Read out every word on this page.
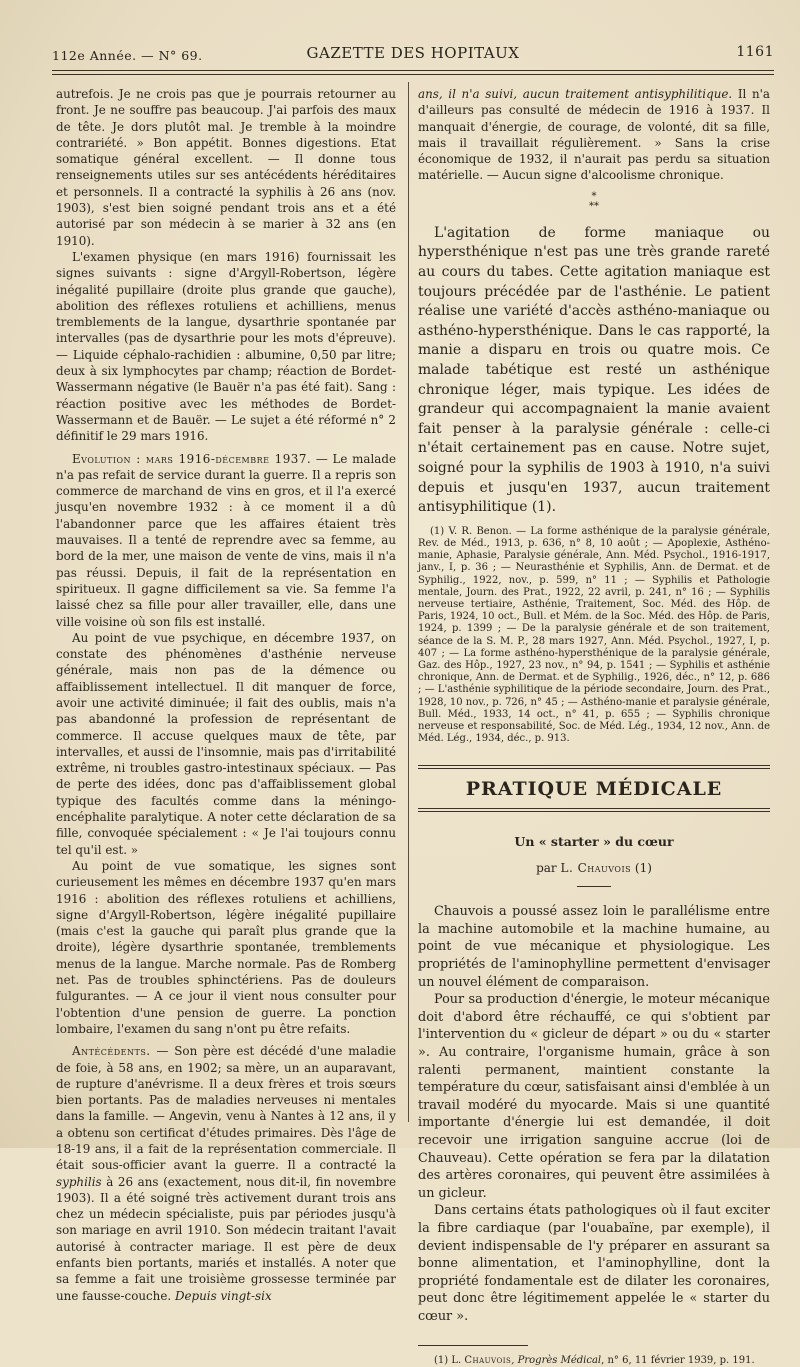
112e Année. — N° 69.	GAZETTE DES HOPITAUX	1161

autrefois. Je ne crois pas que je pourrais retourner au front. Je ne souffre pas beaucoup. J'ai parfois des maux de tête. Je dors plutôt mal. Je tremble à la moindre contrariété. » Bon appétit. Bonnes digestions. Etat somatique général excellent. — Il donne tous renseignements utiles sur ses antécédents héréditaires et personnels. Il a contracté la syphilis à 26 ans (nov. 1903), s'est bien soigné pendant trois ans et a été autorisé par son médecin à se marier à 32 ans (en 1910).

L'examen physique (en mars 1916) fournissait les signes suivants : signe d'Argyll-Robertson, légère inégalité pupillaire (droite plus grande que gauche), abolition des réflexes rotuliens et achilliens, menus tremblements de la langue, dysarthrie spontanée par intervalles (pas de dysarthrie pour les mots d'épreuve). — Liquide céphalo-rachidien : albumine, 0,50 par litre; deux à six lymphocytes par champ; réaction de Bordet-Wassermann négative (le Bauër n'a pas été fait). Sang : réaction positive avec les méthodes de Bordet-Wassermann et de Bauër. — Le sujet a été réformé n° 2 définitif le 29 mars 1916.

Evolution : mars 1916-décembre 1937. — Le malade n'a pas refait de service durant la guerre. Il a repris son commerce de marchand de vins en gros, et il l'a exercé jusqu'en novembre 1932 : à ce moment il a dû l'abandonner parce que les affaires étaient très mauvaises. Il a tenté de reprendre avec sa femme, au bord de la mer, une maison de vente de vins, mais il n'a pas réussi. Depuis, il fait de la représentation en spiritueux. Il gagne difficilement sa vie. Sa femme l'a laissé chez sa fille pour aller travailler, elle, dans une ville voisine où son fils est installé.

Au point de vue psychique, en décembre 1937, on constate des phénomènes d'asthénie nerveuse générale, mais non pas de la démence ou affaiblissement intellectuel. Il dit manquer de force, avoir une activité diminuée; il fait des oublis, mais n'a pas abandonné la profession de représentant de commerce. Il accuse quelques maux de tête, par intervalles, et aussi de l'insomnie, mais pas d'irritabilité extrême, ni troubles gastro-intestinaux spéciaux. — Pas de perte des idées, donc pas d'affaiblissement global typique des facultés comme dans la méningo-encéphalite paralytique. A noter cette déclaration de sa fille, convoquée spécialement : « Je l'ai toujours connu tel qu'il est. »

Au point de vue somatique, les signes sont curieusement les mêmes en décembre 1937 qu'en mars 1916 : abolition des réflexes rotuliens et achilliens, signe d'Argyll-Robertson, légère inégalité pupillaire (mais c'est la gauche qui paraît plus grande que la droite), légère dysarthrie spontanée, tremblements menus de la langue. Marche normale. Pas de Romberg net. Pas de troubles sphinctériens. Pas de douleurs fulgurantes. — A ce jour il vient nous consulter pour l'obtention d'une pension de guerre. La ponction lombaire, l'examen du sang n'ont pu être refaits.

Antécédents. — Son père est décédé d'une maladie de foie, à 58 ans, en 1902; sa mère, un an auparavant, de rupture d'anévrisme. Il a deux frères et trois sœurs bien portants. Pas de maladies nerveuses ni mentales dans la famille. — Angevin, venu à Nantes à 12 ans, il y a obtenu son certificat d'études primaires. Dès l'âge de 18-19 ans, il a fait de la représentation commerciale. Il était sous-officier avant la guerre. Il a contracté la syphilis à 26 ans (exactement, nous dit-il, fin novembre 1903). Il a été soigné très activement durant trois ans chez un médecin spécialiste, puis par périodes jusqu'à son mariage en avril 1910. Son médecin traitant l'avait autorisé à contracter mariage. Il est père de deux enfants bien portants, mariés et installés. A noter que sa femme a fait une troisième grossesse terminée par une fausse-couche. Depuis vingt-six

ans, il n'a suivi, aucun traitement antisyphilitique. Il n'a d'ailleurs pas consulté de médecin de 1916 à 1937. Il manquait d'énergie, de courage, de volonté, dit sa fille, mais il travaillait régulièrement. » Sans la crise économique de 1932, il n'aurait pas perdu sa situation matérielle. — Aucun signe d'alcoolisme chronique.

*
**

L'agitation de forme maniaque ou hypersthénique n'est pas une très grande rareté au cours du tabes. Cette agitation maniaque est toujours précédée par de l'asthénie. Le patient réalise une variété d'accès asthéno-maniaque ou asthéno-hypersthénique. Dans le cas rapporté, la manie a disparu en trois ou quatre mois. Ce malade tabétique est resté un asthénique chronique léger, mais typique. Les idées de grandeur qui accompagnaient la manie avaient fait penser à la paralysie générale : celle-ci n'était certainement pas en cause. Notre sujet, soigné pour la syphilis de 1903 à 1910, n'a suivi depuis et jusqu'en 1937, aucun traitement antisyphilitique (1).

(1) V. R. Benon. — La forme asthénique de la paralysie générale, Rev. de Méd., 1913, p. 636, n° 8, 10 août ; — Apoplexie, Asthéno-manie, Aphasie, Paralysie générale, Ann. Méd. Psychol., 1916-1917, janv., I, p. 36 ; — Neurasthénie et Syphilis, Ann. de Dermat. et de Syphilig., 1922, nov., p. 599, n° 11 ; — Syphilis et Pathologie mentale, Journ. des Prat., 1922, 22 avril, p. 241, n° 16 ; — Syphilis nerveuse tertiaire, Asthénie, Traitement, Soc. Méd. des Hôp. de Paris, 1924, 10 oct., Bull. et Mém. de la Soc. Méd. des Hôp. de Paris, 1924, p. 1399 ; — De la paralysie générale et de son traitement, séance de la S. M. P., 28 mars 1927, Ann. Méd. Psychol., 1927, I, p. 407 ; — La forme asthéno-hypersthénique de la paralysie générale, Gaz. des Hôp., 1927, 23 nov., n° 94, p. 1541 ; — Syphilis et asthénie chronique, Ann. de Dermat. et de Syphilig., 1926, déc., n° 12, p. 686 ; — L'asthénie syphilitique de la période secondaire, Journ. des Prat., 1928, 10 nov., p. 726, n° 45 ; — Asthéno-manie et paralysie générale, Bull. Méd., 1933, 14 oct., n° 41, p. 655 ; — Syphilis chronique nerveuse et responsabilité, Soc. de Méd. Lég., 1934, 12 nov., Ann. de Méd. Lég., 1934, déc., p. 913.

PRATIQUE MÉDICALE
Un « starter » du cœur
par L. Chauvois (1)

Chauvois a poussé assez loin le parallélisme entre la machine automobile et la machine humaine, au point de vue mécanique et physiologique. Les propriétés de l'aminophylline permettent d'envisager un nouvel élément de comparaison.

Pour sa production d'énergie, le moteur mécanique doit d'abord être réchauffé, ce qui s'obtient par l'intervention du « gicleur de départ » ou du « starter ». Au contraire, l'organisme humain, grâce à son ralenti permanent, maintient constante la température du cœur, satisfaisant ainsi d'emblée à un travail modéré du myocarde. Mais si une quantité importante d'énergie lui est demandée, il doit recevoir une irrigation sanguine accrue (loi de Chauveau). Cette opération se fera par la dilatation des artères coronaires, qui peuvent être assimilées à un gicleur.

Dans certains états pathologiques où il faut exciter la fibre cardiaque (par l'ouabaïne, par exemple), il devient indispensable de l'y préparer en assurant sa bonne alimentation, et l'aminophylline, dont la propriété fondamentale est de dilater les coronaires, peut donc être légitimement appelée le « starter du cœur ».

(1) L. Chauvois, Progrès Médical, n° 6, 11 février 1939, p. 191.
